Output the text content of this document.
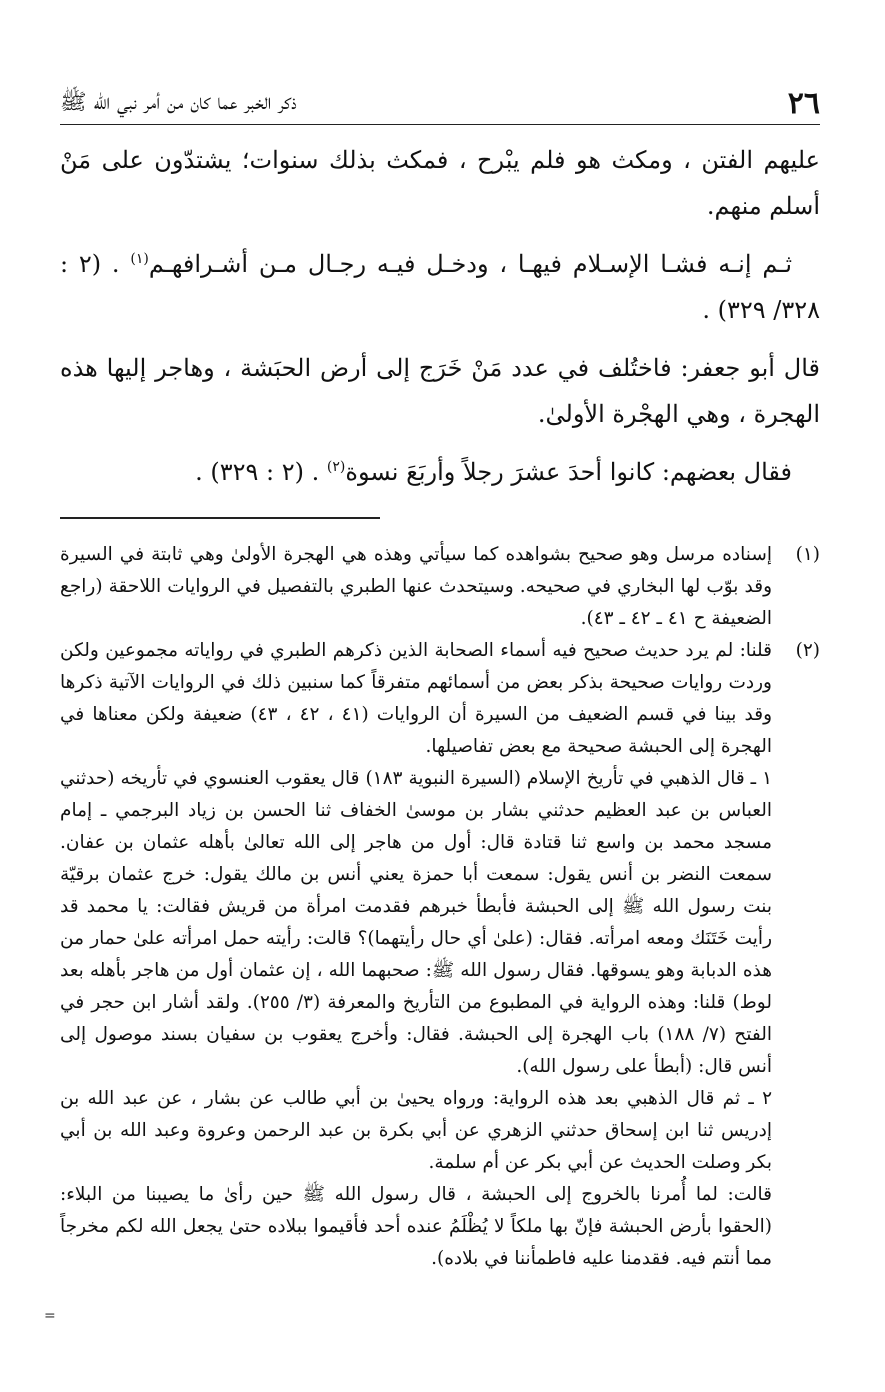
٢٦
ذكر الخبر عما كان من أمر نبي الله ﷺ

عليهم الفتن ، ومكث هو فلم يبْرح ، فمكث بذلك سنوات؛ يشتدّون على مَنْ أسلم منهم.

ثـم إنـه فشـا الإسـلام فيهـا ، ودخـل فيـه رجـال مـن أشـرافهـم$^{(١)}$ . (٢ : ٣٢٨/ ٣٢٩) .

قال أبو جعفر: فاختُلف في عدد مَنْ خَرَج إلى أرض الحبَشة ، وهاجر إليها هذه الهجرة ، وهي الهجْرة الأولىٰ.

فقال بعضهم: كانوا أحدَ عشرَ رجلاً وأربَعَ نسوة$^{(٢)}$ . (٢ : ٣٢٩) .

(١)

إسناده مرسل وهو صحيح بشواهده كما سيأتي وهذه هي الهجرة الأولىٰ وهي ثابتة في السيرة وقد بوّب لها البخاري في صحيحه. وسيتحدث عنها الطبري بالتفصيل في الروايات اللاحقة (راجع الضعيفة ح ٤١ ـ ٤٢ ـ ٤٣).

(٢)

قلنا: لم يرد حديث صحيح فيه أسماء الصحابة الذين ذكرهم الطبري في رواياته مجموعين ولكن وردت روايات صحيحة بذكر بعض من أسمائهم متفرقاً كما سنبين ذلك في الروايات الآتية ذكرها وقد بينا في قسم الضعيف من السيرة أن الروايات (٤١ ، ٤٢ ، ٤٣) ضعيفة ولكن معناها في الهجرة إلى الحبشة صحيحة مع بعض تفاصيلها.

١ ـ قال الذهبي في تأريخ الإسلام (السيرة النبوية ١٨٣) قال يعقوب العنسوي في تأريخه (حدثني العباس بن عبد العظيم حدثني بشار بن موسىٰ الخفاف ثنا الحسن بن زياد البرجمي ـ إمام مسجد محمد بن واسع ثنا قتادة قال: أول من هاجر إلى الله تعالىٰ بأهله عثمان بن عفان. سمعت النضر بن أنس يقول: سمعت أبا حمزة يعني أنس بن مالك يقول: خرج عثمان برقيّة بنت رسول الله ﷺ إلى الحبشة فأبطأ خبرهم فقدمت امرأة من قريش فقالت: يا محمد قد رأيت خَتَنَك ومعه امرأته. فقال: (علىٰ أي حال رأيتهما)؟ قالت: رأيته حمل امرأته علىٰ حمار من هذه الدبابة وهو يسوقها. فقال رسول الله ﷺ: صحبهما الله ، إن عثمان أول من هاجر بأهله بعد لوط) قلنا: وهذه الرواية في المطبوع من التأريخ والمعرفة (٣/ ٢٥٥). ولقد أشار ابن حجر في الفتح (٧/ ١٨٨) باب الهجرة إلى الحبشة. فقال: وأخرج يعقوب بن سفيان بسند موصول إلى أنس قال: (أبطأ على رسول الله).

٢ ـ ثم قال الذهبي بعد هذه الرواية: ورواه يحيىٰ بن أبي طالب عن بشار ، عن عبد الله بن إدريس ثنا ابن إسحاق حدثني الزهري عن أبي بكرة بن عبد الرحمن وعروة وعبد الله بن أبي بكر وصلت الحديث عن أبي بكر عن أم سلمة.

قالت: لما أُمرنا بالخروج إلى الحبشة ، قال رسول الله ﷺ حين رأىٰ ما يصيبنا من البلاء: (الحقوا بأرض الحبشة فإنّ بها ملكاً لا يُظْلَمُ عنده أحد فأقيموا ببلاده حتىٰ يجعل الله لكم مخرجاً مما أنتم فيه. فقدمنا عليه فاطمأننا في بلاده).

=
